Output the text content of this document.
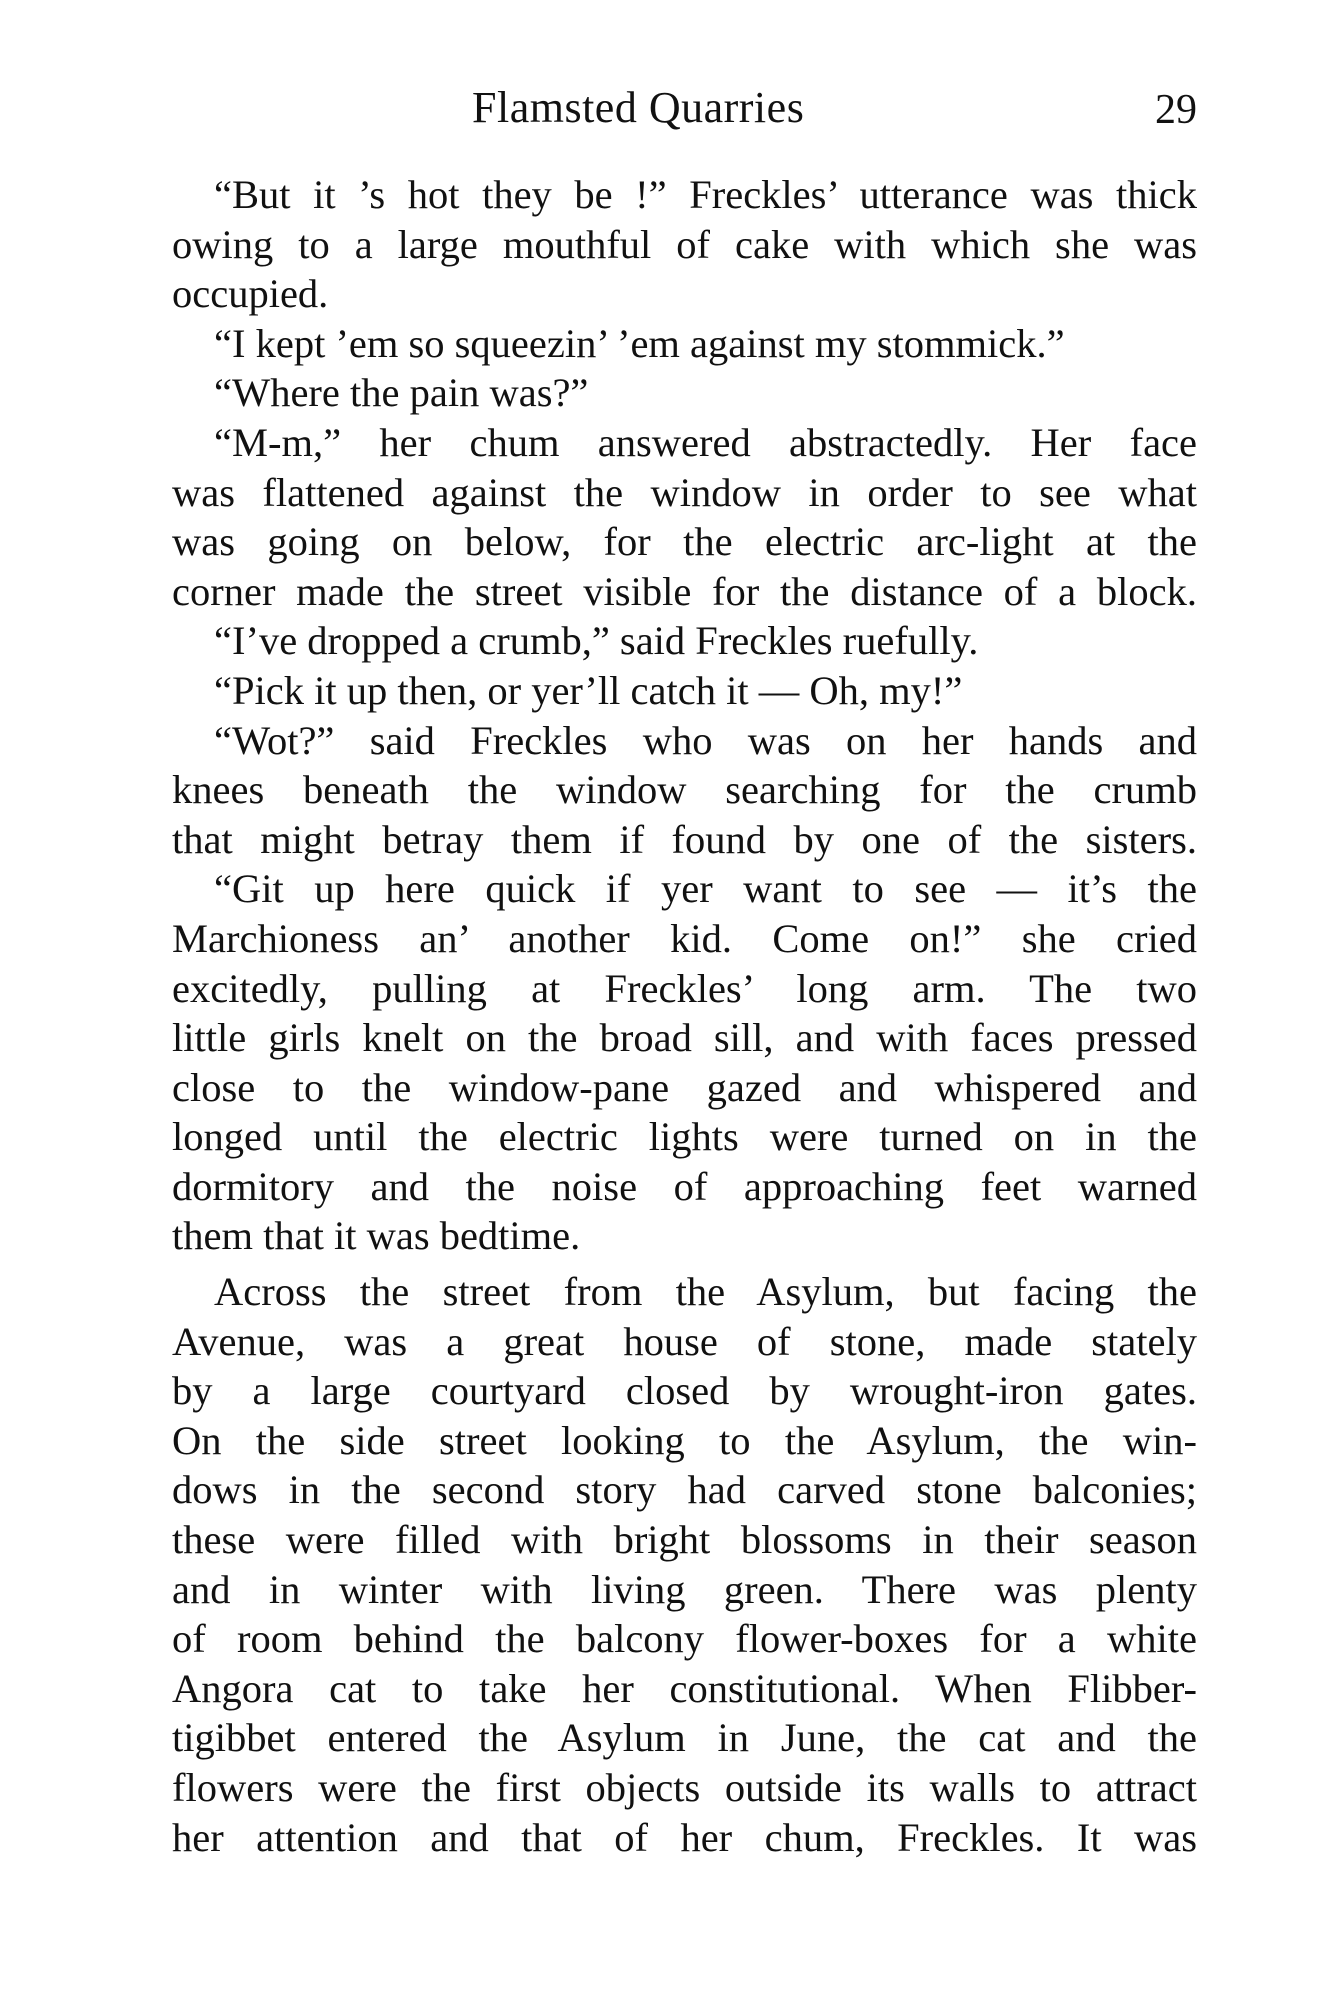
Flamsted Quarries	29
“But it ’s hot they be !” Freckles’ utterance was thick
owing to a large mouthful of cake with which she was
occupied.
“I kept ’em so squeezin’ ’em against my stommick.”
“Where the pain was?”
“M-m,” her chum answered abstractedly. Her face
was flattened against the window in order to see what
was going on below, for the electric arc-light at the
corner made the street visible for the distance of a block.
“I’ve dropped a crumb,” said Freckles ruefully.
“Pick it up then, or yer’ll catch it — Oh, my!”
“Wot?” said Freckles who was on her hands and
knees beneath the window searching for the crumb
that might betray them if found by one of the sisters.
“Git up here quick if yer want to see — it’s the
Marchioness an’ another kid. Come on!” she cried
excitedly, pulling at Freckles’ long arm. The two
little girls knelt on the broad sill, and with faces pressed
close to the window-pane gazed and whispered and
longed until the electric lights were turned on in the
dormitory and the noise of approaching feet warned
them that it was bedtime.
Across the street from the Asylum, but facing the
Avenue, was a great house of stone, made stately
by a large courtyard closed by wrought-iron gates.
On the side street looking to the Asylum, the win-
dows in the second story had carved stone balconies;
these were filled with bright blossoms in their season
and in winter with living green. There was plenty
of room behind the balcony flower-boxes for a white
Angora cat to take her constitutional. When Flibber-
tigibbet entered the Asylum in June, the cat and the
flowers were the first objects outside its walls to attract
her attention and that of her chum, Freckles. It was
